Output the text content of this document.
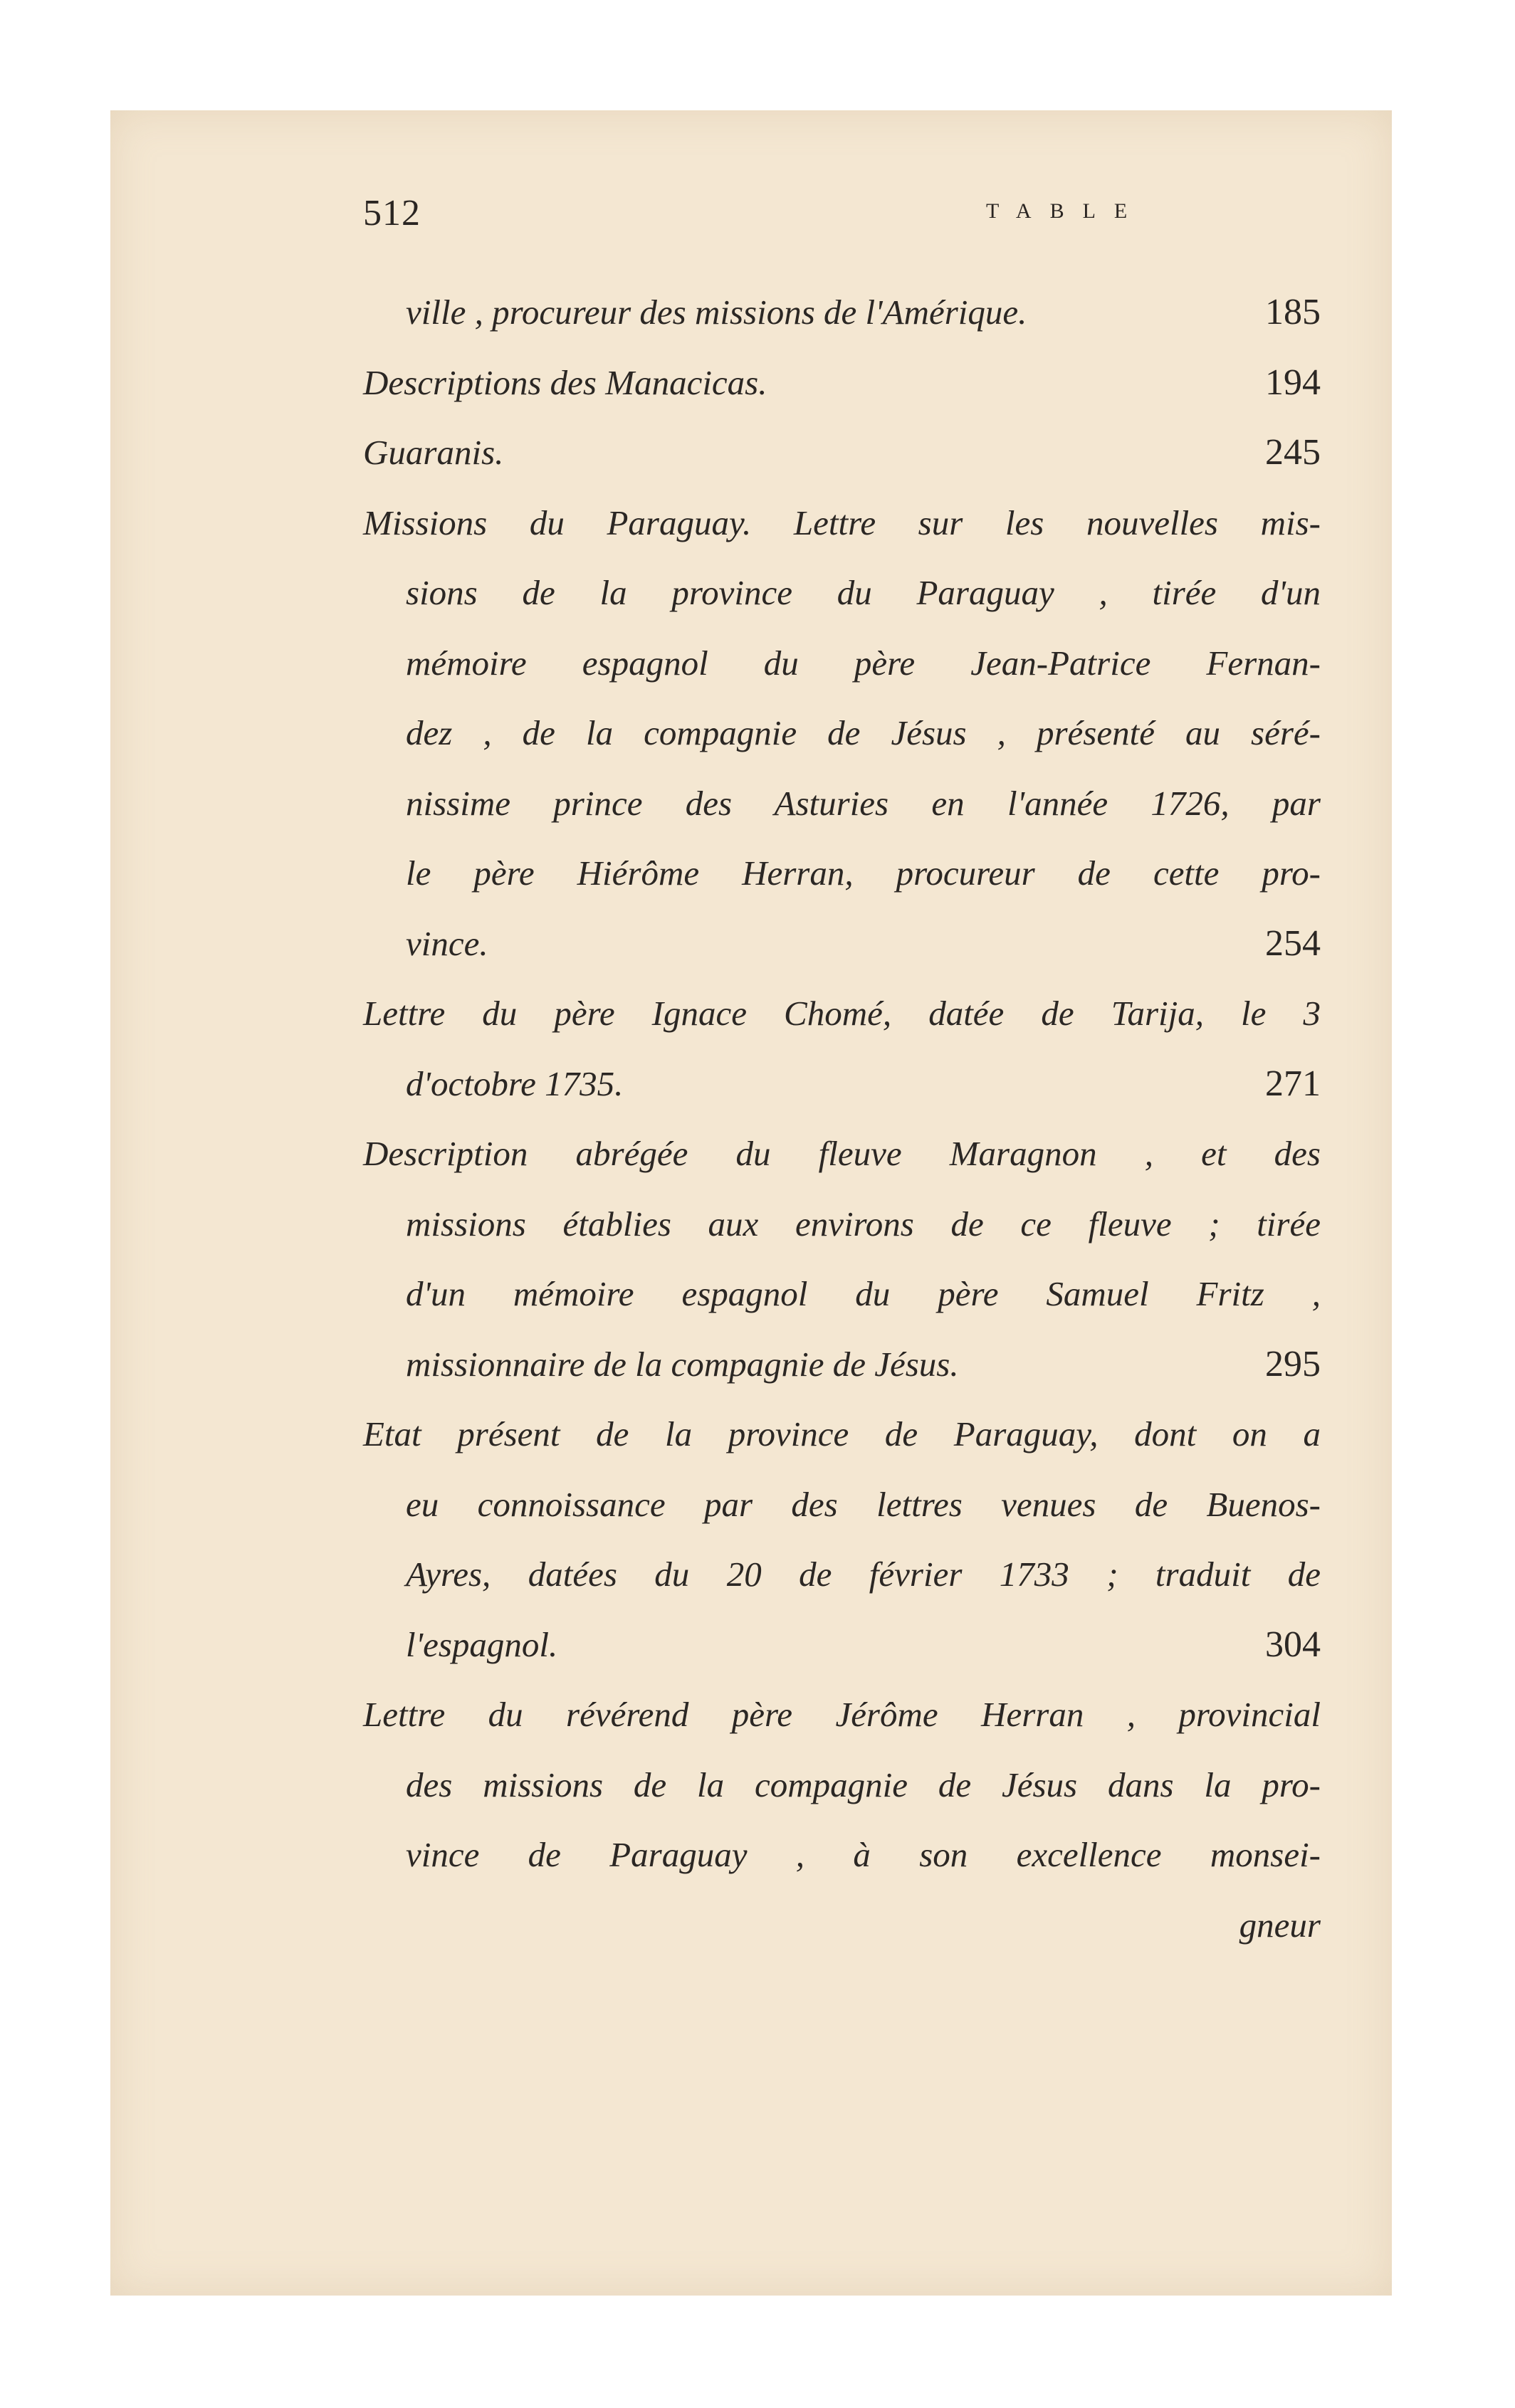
512	TABLE
ville , procureur des missions de l'Amérique.	185
Descriptions des Manacicas.	194
Guaranis.	245
Missions du Paraguay. Lettre sur les nouvelles mis-
sions de la province du Paraguay , tirée d'un
mémoire espagnol du père Jean-Patrice Fernan-
dez , de la compagnie de Jésus , présenté au séré-
nissime prince des Asturies en l'année 1726, par
le père Hiérôme Herran, procureur de cette pro-
vince.	254
Lettre du père Ignace Chomé, datée de Tarija, le 3
d'octobre 1735.	271
Description abrégée du fleuve Maragnon , et des
missions établies aux environs de ce fleuve ; tirée
d'un mémoire espagnol du père Samuel Fritz ,
missionnaire de la compagnie de Jésus.	295
Etat présent de la province de Paraguay, dont on a
eu connoissance par des lettres venues de Buenos-
Ayres, datées du 20 de février 1733 ; traduit de
l'espagnol.	304
Lettre du révérend père Jérôme Herran , provincial
des missions de la compagnie de Jésus dans la pro-
vince de Paraguay , à son excellence monsei-
gneur
